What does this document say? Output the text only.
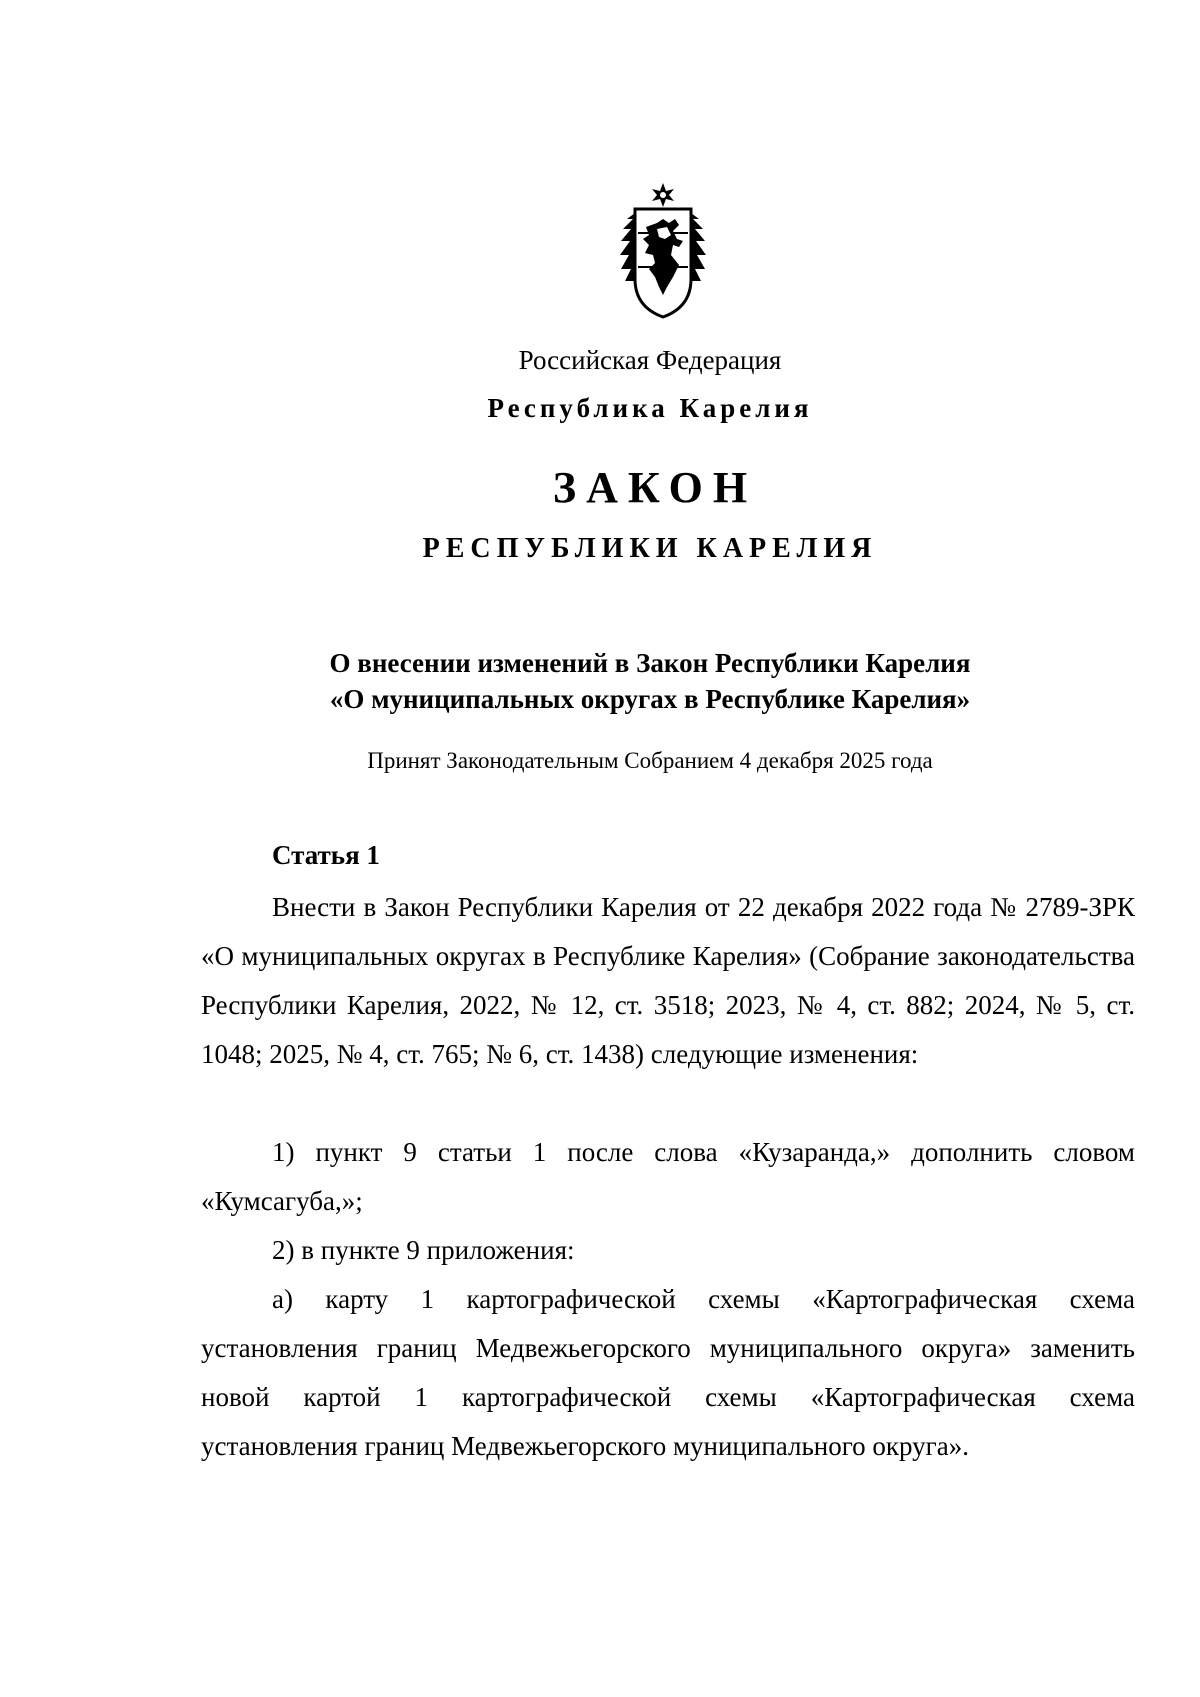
Российская Федерация
Республика Карелия
ЗАКОН
РЕСПУБЛИКИ КАРЕЛИЯ
О внесении изменений в Закон Республики Карелия
«О муниципальных округах в Республике Карелия»
Принят Законодательным Собранием 4 декабря 2025 года
Статья 1
Внести в Закон Республики Карелия от 22 декабря 2022 года № 2789-ЗРК «О муниципальных округах в Республике Карелия» (Собрание законодательства Республики Карелия, 2022, № 12, ст. 3518; 2023, № 4, ст. 882; 2024, № 5, ст. 1048; 2025, № 4, ст. 765; № 6, ст. 1438) следующие изменения:
1) пункт 9 статьи 1 после слова «Кузаранда,» дополнить словом «Кумсагуба,»;
2) в пункте 9 приложения:
а) карту 1 картографической схемы «Картографическая схема установления границ Медвежьегорского муниципального округа» заменить новой картой 1 картографической схемы «Картографическая схема установления границ Медвежьегорского муниципального округа».
